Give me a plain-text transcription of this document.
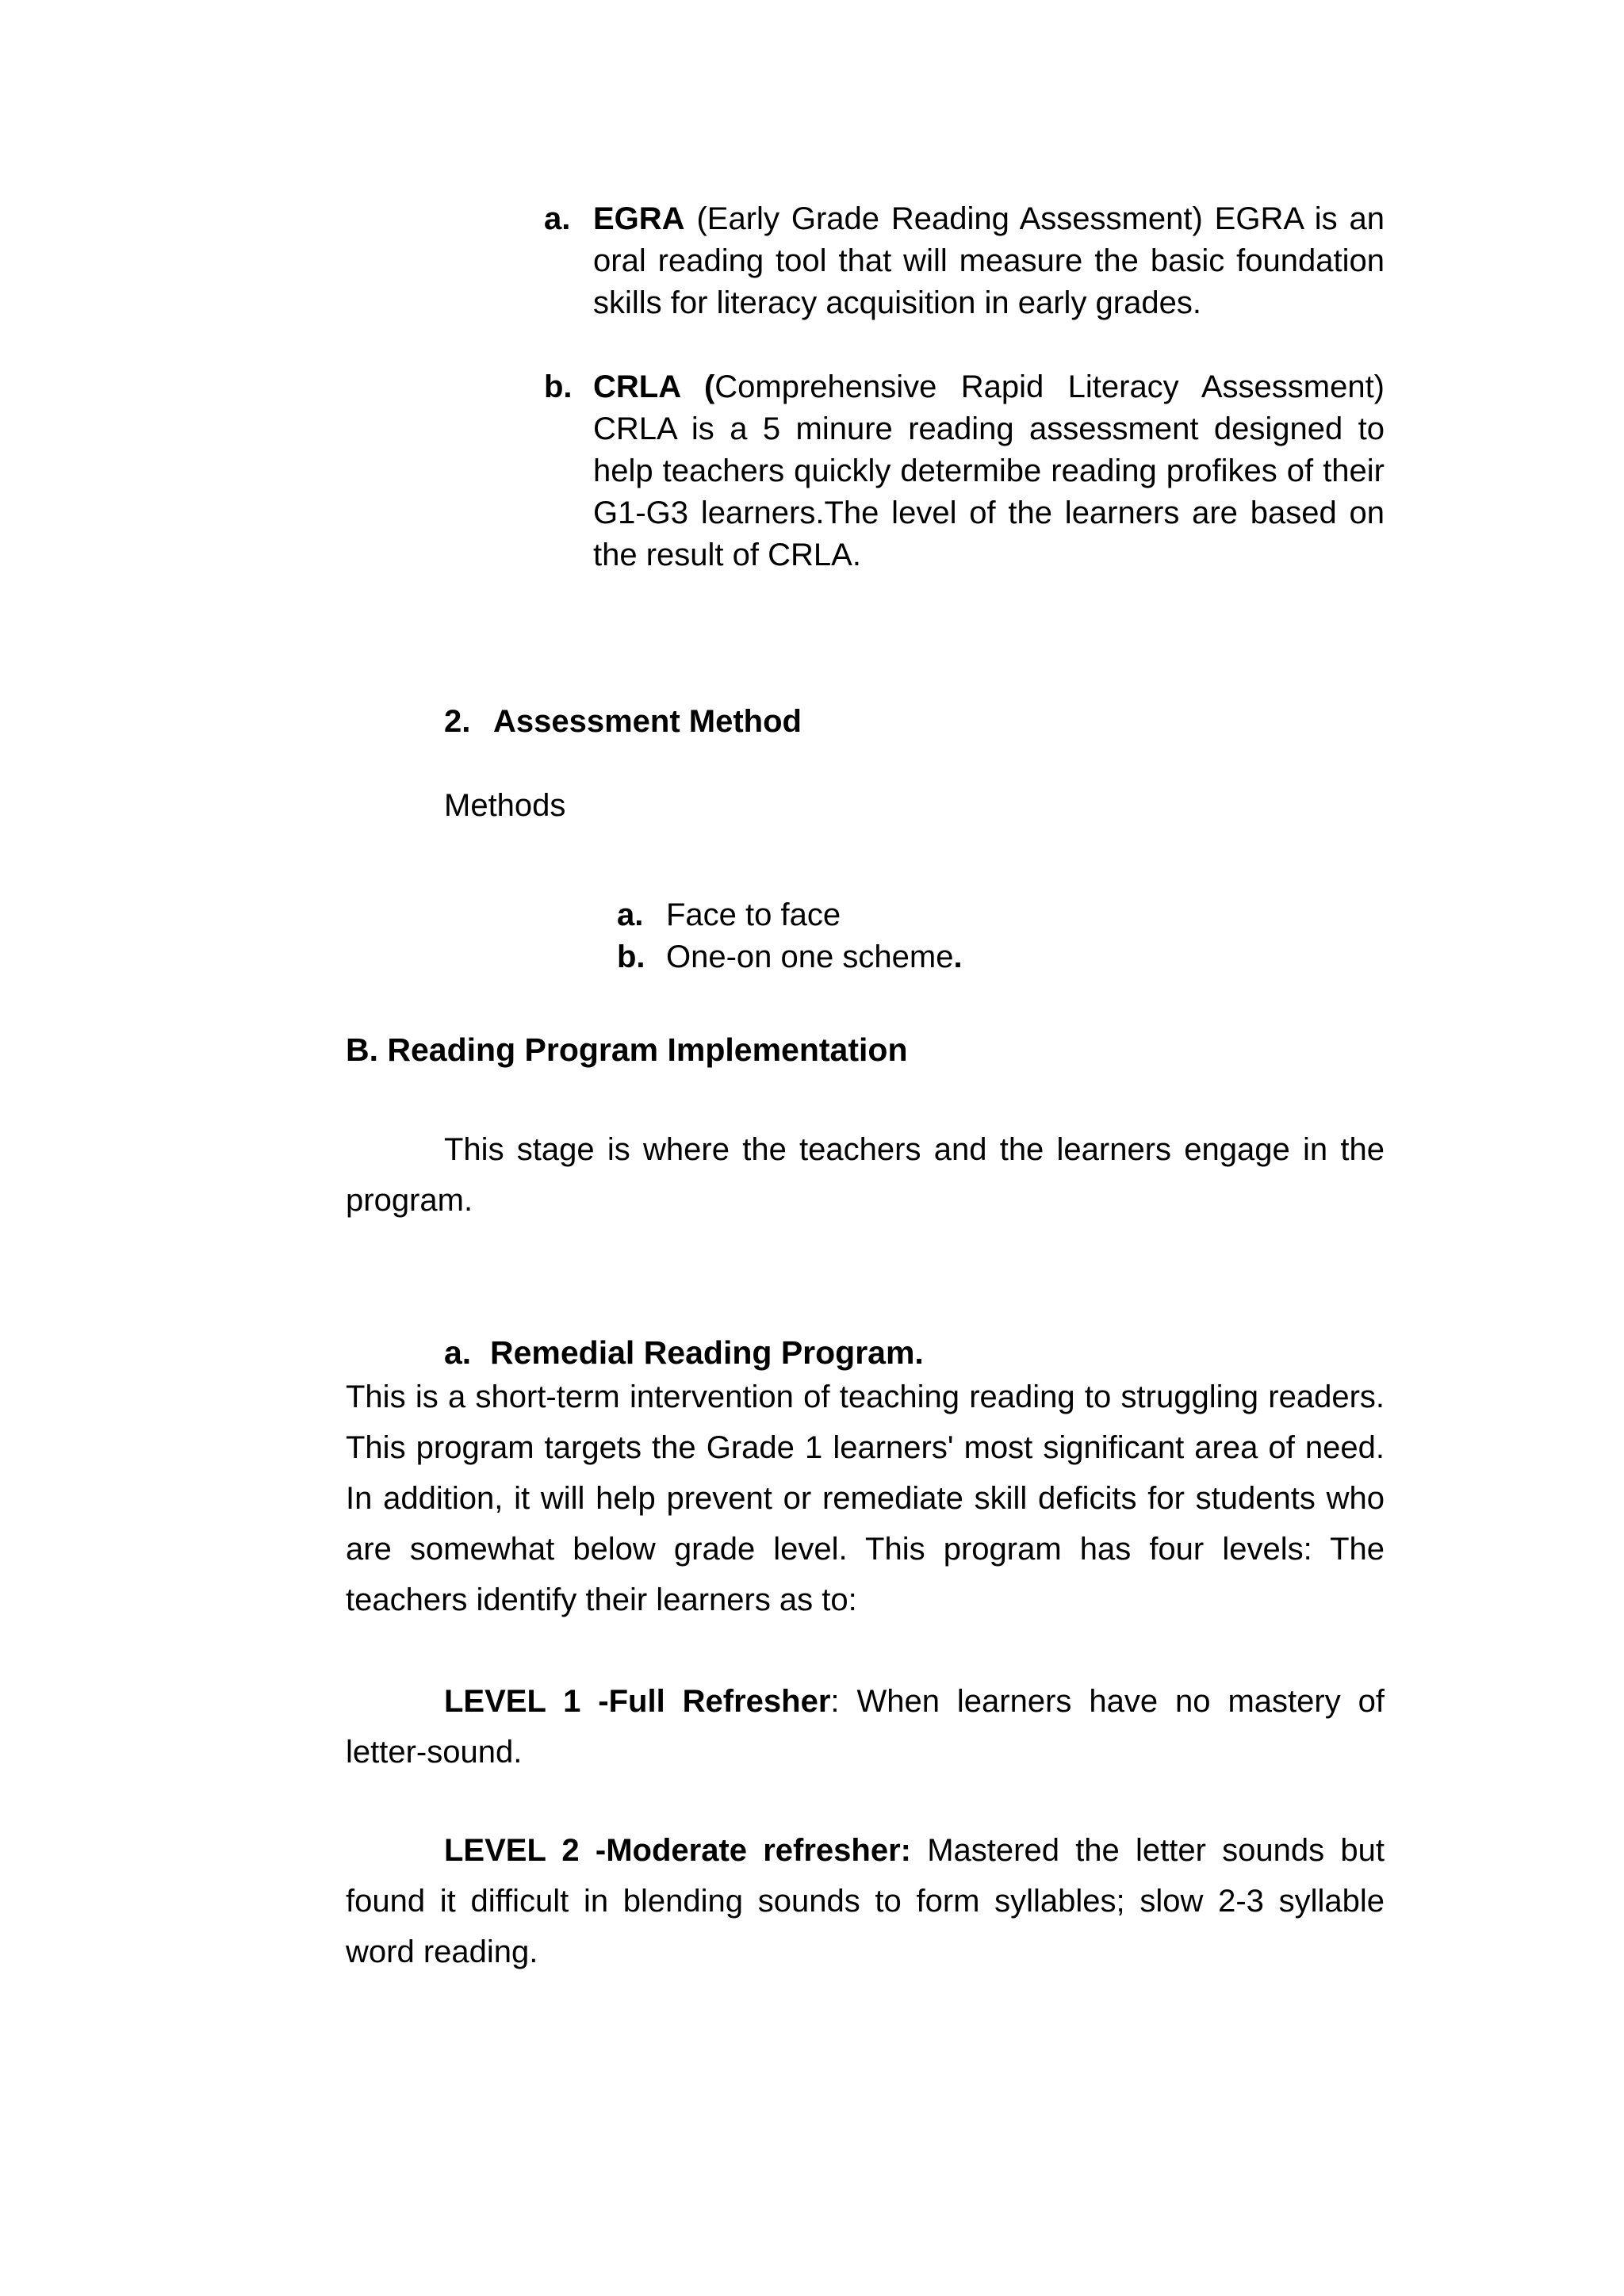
a. EGRA (Early Grade Reading Assessment) EGRA is an oral reading tool that will measure the basic foundation skills for literacy acquisition in early grades.
b. CRLA (Comprehensive Rapid Literacy Assessment) CRLA is a 5 minure reading assessment designed to help teachers quickly determibe reading profikes of their G1-G3 learners.The level of the learners are based on the result of CRLA.
2. Assessment Method
Methods
a. Face to face
b. One-on one scheme.
B. Reading Program Implementation
This stage is where the teachers and the learners engage in the program.
a. Remedial Reading Program.
This is a short-term intervention of teaching reading to struggling readers. This program targets the Grade 1 learners' most significant area of need. In addition, it will help prevent or remediate skill deficits for students who are somewhat below grade level. This program has four levels: The teachers identify their learners as to:
LEVEL 1 -Full Refresher: When learners have no mastery of letter-sound.
LEVEL 2 -Moderate refresher: Mastered the letter sounds but found it difficult in blending sounds to form syllables; slow 2-3 syllable word reading.
